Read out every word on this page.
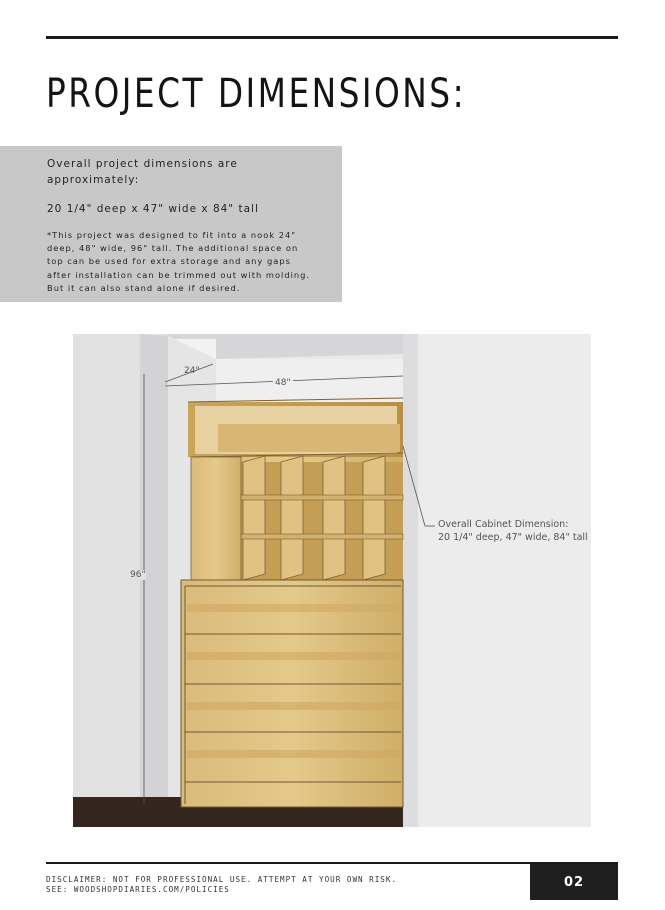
PROJECT DIMENSIONS:

Overall project dimensions are approximately:

20 1/4" deep x 47" wide x 84" tall

*This project was designed to fit into a nook 24" deep, 48" wide, 96" tall. The additional space on top can be used for extra storage and any gaps after installation can be trimmed out with molding. But it can also stand alone if desired.

24"
48"
96"
Overall Cabinet Dimension:
20 1/4" deep, 47" wide, 84" tall
DISCLAIMER: NOT FOR PROFESSIONAL USE. ATTEMPT AT YOUR OWN RISK.
SEE: WOODSHOPDIARIES.COM/POLICIES	02
